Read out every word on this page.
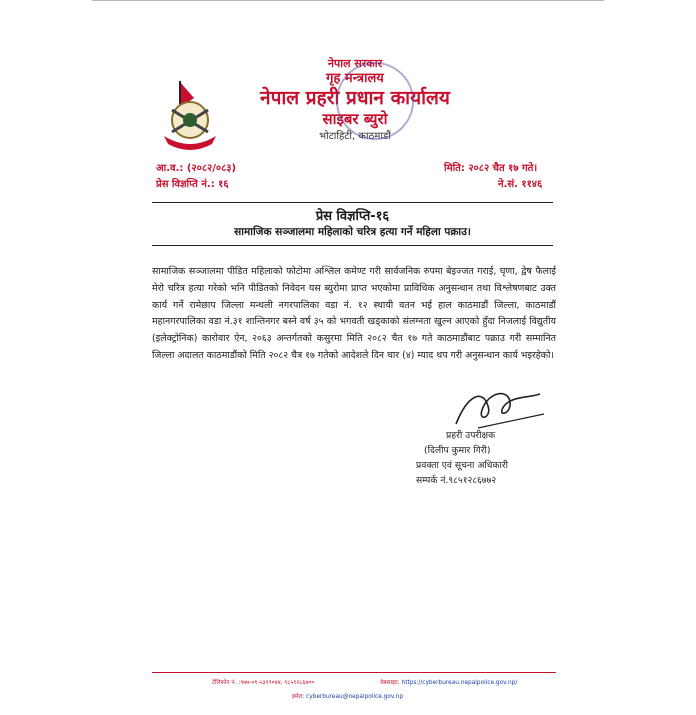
नेपाल सरकार
गृह मन्त्रालय
नेपाल प्रहरी प्रधान कार्यालय
साइबर ब्युरो
भोटाहिटी, काठमाडौं
आ.व.: (२०८२/०८३)
प्रेस विज्ञप्ति नं.: १६
मिति: २०८२ चैत १७ गते।
ने.सं. ११४६
प्रेस विज्ञप्ति-१६
सामाजिक सञ्जालमा महिलाको चरित्र हत्या गर्ने महिला पक्राउ।
सामाजिक सञ्जालमा पीडित महिलाको फोटोमा अश्लिल कमेण्ट गरी सार्वजनिक रुपमा बेइज्जत गराई, घृणा, द्वेष फैलाई मेरो चरित्र हत्या गरेको भनि पीडितको निवेदन यस ब्युरोमा प्राप्त भएकोमा प्राविधिक अनुसन्धान तथा विश्लेषणबाट उक्त कार्य गर्ने रामेछाप जिल्ला मन्थली नगरपालिका वडा नं. १२ स्थायी वतन भई हाल काठमाडौं जिल्ला, काठमाडौं महानगरपालिका वडा नं.३१ शान्तिनगर बस्ने वर्ष ३५ को भगवती खड्काको संलग्नता खुल्न आएको हुँदा निजलाई विद्युतीय (इलेक्ट्रोनिक) कारोवार ऐन, २०६३ अन्तर्गतको कसुरमा मिति २०८२ चैत १७ गते काठमाडौंबाट पक्राउ गरी सम्मानित जिल्ला अदालत काठमाडौंको मिति २०८२ चैत्र १७ गतेको आदेशले दिन चार (४) म्याद थप गरी अनुसन्धान कार्य भइरहेको।
प्रहरी उपरीक्षक
(दिलीप कुमार गिरी)
प्रवक्ता एवं सूचना अधिकारी
सम्पर्क नं.९८५१२८६७७२
टेलिफोन नं. :९७७-०१-५३१९०४४, ९८५१२८६७००	वेबसाइट: https://cyberbureau.nepalpolice.gov.np/
इमेल: cyberbureau@nepalpolice.gov.np
